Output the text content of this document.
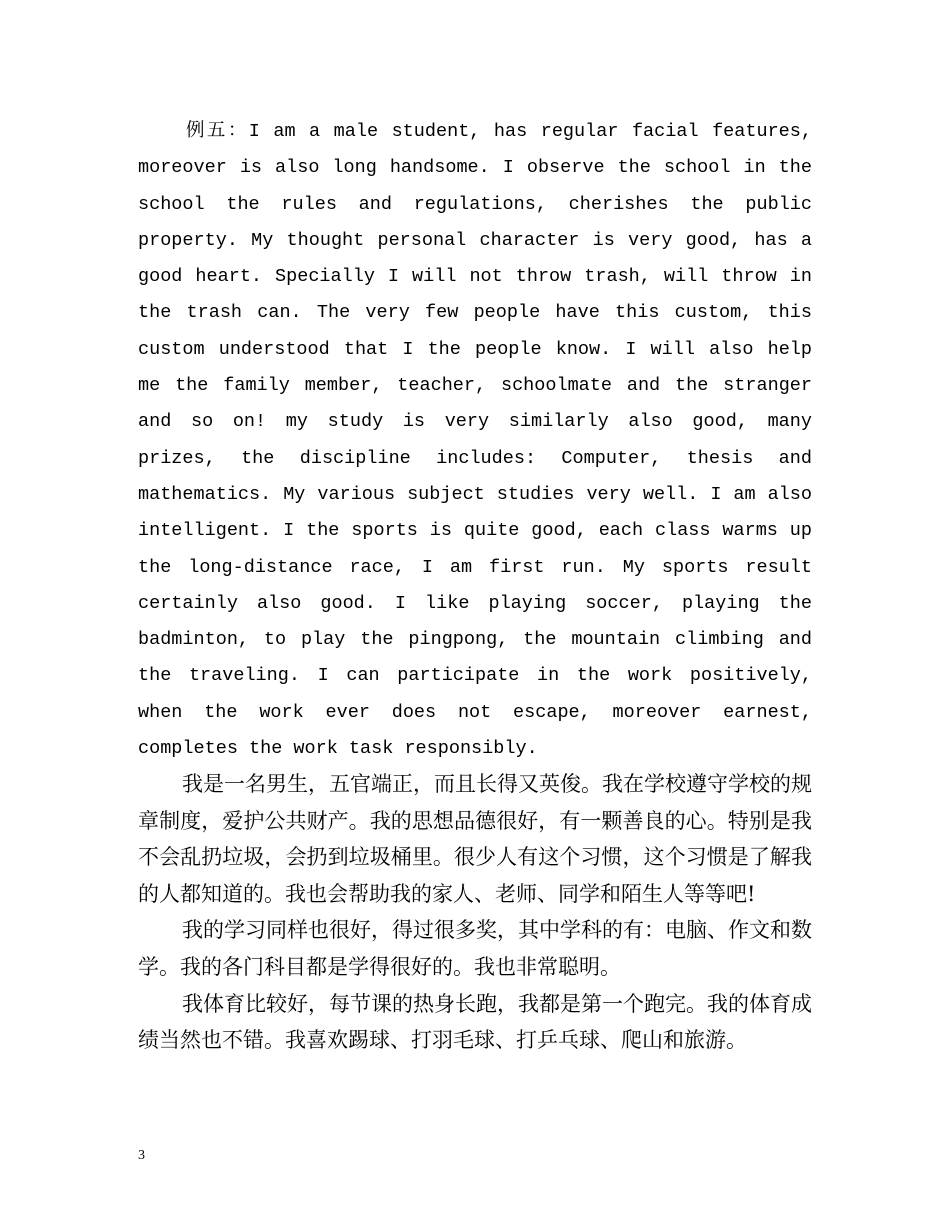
例五：I am a male student, has regular facial features, moreover is also long handsome. I observe the school in the school the rules and regulations, cherishes the public property. My thought personal character is very good, has a good heart. Specially I will not throw trash, will throw in the trash can. The very few people have this custom, this custom understood that I the people know. I will also help me the family member, teacher, schoolmate and the stranger and so on! my study is very similarly also good, many prizes, the discipline includes: Computer, thesis and mathematics. My various subject studies very well. I am also intelligent. I the sports is quite good, each class warms up the long-distance race, I am first run. My sports result certainly also good. I like playing soccer, playing the badminton, to play the pingpong, the mountain climbing and the traveling. I can participate in the work positively, when the work ever does not escape, moreover earnest, completes the work task responsibly.

我是一名男生，五官端正，而且长得又英俊。我在学校遵守学校的规章制度，爱护公共财产。我的思想品德很好，有一颗善良的心。特别是我不会乱扔垃圾，会扔到垃圾桶里。很少人有这个习惯，这个习惯是了解我的人都知道的。我也会帮助我的家人、老师、同学和陌生人等等吧!

我的学习同样也很好，得过很多奖，其中学科的有：电脑、作文和数学。我的各门科目都是学得很好的。我也非常聪明。

我体育比较好，每节课的热身长跑，我都是第一个跑完。我的体育成绩当然也不错。我喜欢踢球、打羽毛球、打乒乓球、爬山和旅游。

3
